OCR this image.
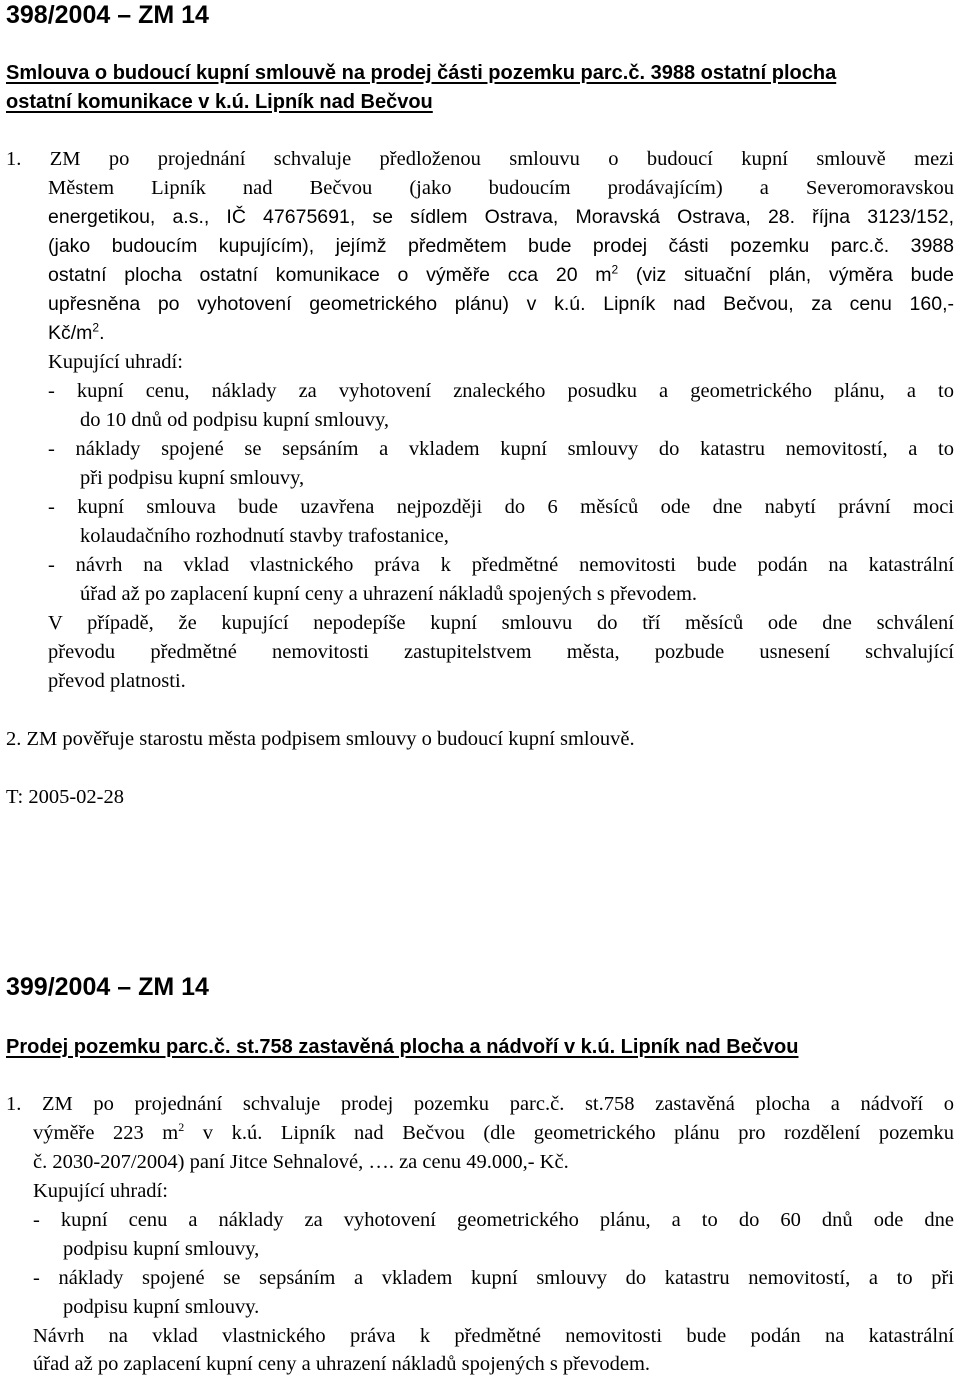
398/2004 – ZM 14
Smlouva o budoucí kupní smlouvě na prodej části pozemku parc.č. 3988 ostatní plocha
ostatní komunikace v k.ú. Lipník nad Bečvou
1. ZM po projednání schvaluje předloženou smlouvu o budoucí kupní smlouvě mezi
Městem Lipník nad Bečvou (jako budoucím prodávajícím) a Severomoravskou
energetikou, a.s., IČ 47675691, se sídlem Ostrava, Moravská Ostrava, 28. října 3123/152,
(jako budoucím kupujícím), jejímž předmětem bude prodej části pozemku parc.č. 3988
ostatní plocha ostatní komunikace o výměře cca 20 $m^2$ (viz situační plán, výměra bude
upřesněna po vyhotovení geometrického plánu) v k.ú. Lipník nad Bečvou, za cenu 160,-
$Kč/m^2$.
Kupující uhradí:
- kupní cenu, náklady za vyhotovení znaleckého posudku a geometrického plánu, a to
do 10 dnů od podpisu kupní smlouvy,
- náklady spojené se sepsáním a vkladem kupní smlouvy do katastru nemovitostí, a to
při podpisu kupní smlouvy,
- kupní smlouva bude uzavřena nejpozději do 6 měsíců ode dne nabytí právní moci
kolaudačního rozhodnutí stavby trafostanice,
- návrh na vklad vlastnického práva k předmětné nemovitosti bude podán na katastrální
úřad až po zaplacení kupní ceny a uhrazení nákladů spojených s převodem.
V případě, že kupující nepodepíše kupní smlouvu do tří měsíců ode dne schválení
převodu předmětné nemovitosti zastupitelstvem města, pozbude usnesení schvalující
převod platnosti.
2. ZM pověřuje starostu města podpisem smlouvy o budoucí kupní smlouvě.
T: 2005-02-28
399/2004 – ZM 14
Prodej pozemku parc.č. st.758 zastavěná plocha a nádvoří v k.ú. Lipník nad Bečvou
1. ZM po projednání schvaluje prodej pozemku parc.č. st.758 zastavěná plocha a nádvoří o
výměře 223 $m^2$ v k.ú. Lipník nad Bečvou (dle geometrického plánu pro rozdělení pozemku
č. 2030-207/2004) paní Jitce Sehnalové, …. za cenu 49.000,- Kč.
Kupující uhradí:
- kupní cenu a náklady za vyhotovení geometrického plánu, a to do 60 dnů ode dne
podpisu kupní smlouvy,
- náklady spojené se sepsáním a vkladem kupní smlouvy do katastru nemovitostí, a to při
podpisu kupní smlouvy.
Návrh na vklad vlastnického práva k předmětné nemovitosti bude podán na katastrální
úřad až po zaplacení kupní ceny a uhrazení nákladů spojených s převodem.
